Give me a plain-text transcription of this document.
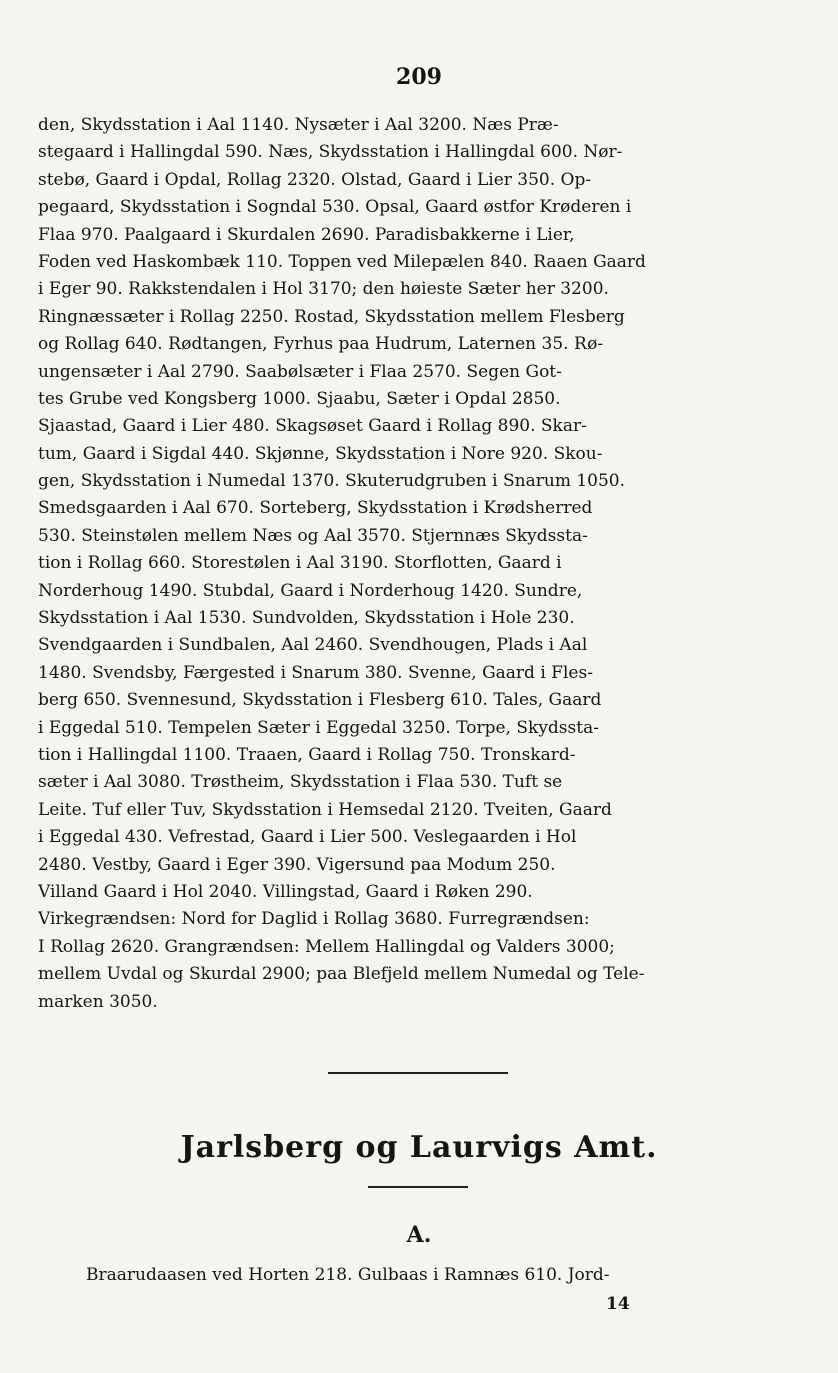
209
den, Skydsstation i Aal 1140. Nysæter i Aal 3200. Næs Præ-
stegaard i Hallingdal 590. Næs, Skydsstation i Hallingdal 600. Nør-
stebø, Gaard i Opdal, Rollag 2320. Olstad, Gaard i Lier 350. Op-
pegaard, Skydsstation i Sogndal 530. Opsal, Gaard østfor Krøderen i
Flaa 970. Paalgaard i Skurdalen 2690. Paradisbakkerne i Lier,
Foden ved Haskombæk 110. Toppen ved Milepælen 840. Raaen Gaard
i Eger 90. Rakkstendalen i Hol 3170; den høieste Sæter her 3200.
Ringnæssæter i Rollag 2250. Rostad, Skydsstation mellem Flesberg
og Rollag 640. Rødtangen, Fyrhus paa Hudrum, Laternen 35. Rø-
ungensæter i Aal 2790. Saabølsæter i Flaa 2570. Segen Got-
tes Grube ved Kongsberg 1000. Sjaabu, Sæter i Opdal 2850.
Sjaastad, Gaard i Lier 480. Skagsøset Gaard i Rollag 890. Skar-
tum, Gaard i Sigdal 440. Skjønne, Skydsstation i Nore 920. Skou-
gen, Skydsstation i Numedal 1370. Skuterudgruben i Snarum 1050.
Smedsgaarden i Aal 670. Sorteberg, Skydsstation i Krødsherred
530. Steinstølen mellem Næs og Aal 3570. Stjernnæs Skydssta-
tion i Rollag 660. Storestølen i Aal 3190. Storflotten, Gaard i
Norderhoug 1490. Stubdal, Gaard i Norderhoug 1420. Sundre,
Skydsstation i Aal 1530. Sundvolden, Skydsstation i Hole 230.
Svendgaarden i Sundbalen, Aal 2460. Svendhougen, Plads i Aal
1480. Svendsby, Færgested i Snarum 380. Svenne, Gaard i Fles-
berg 650. Svennesund, Skydsstation i Flesberg 610. Tales, Gaard
i Eggedal 510. Tempelen Sæter i Eggedal 3250. Torpe, Skydssta-
tion i Hallingdal 1100. Traaen, Gaard i Rollag 750. Tronskard-
sæter i Aal 3080. Trøstheim, Skydsstation i Flaa 530. Tuft se
Leite. Tuf eller Tuv, Skydsstation i Hemsedal 2120. Tveiten, Gaard
i Eggedal 430. Vefrestad, Gaard i Lier 500. Veslegaarden i Hol
2480. Vestby, Gaard i Eger 390. Vigersund paa Modum 250.
Villand Gaard i Hol 2040. Villingstad, Gaard i Røken 290.
Virkegrændsen: Nord for Daglid i Rollag 3680. Furregrændsen:
I Rollag 2620. Grangrændsen: Mellem Hallingdal og Valders 3000;
mellem Uvdal og Skurdal 2900; paa Blefjeld mellem Numedal og Tele-
marken 3050.
Jarlsberg og Laurvigs Amt.
A.
Braarudaasen ved Horten 218. Gulbaas i Ramnæs 610. Jord-
14
